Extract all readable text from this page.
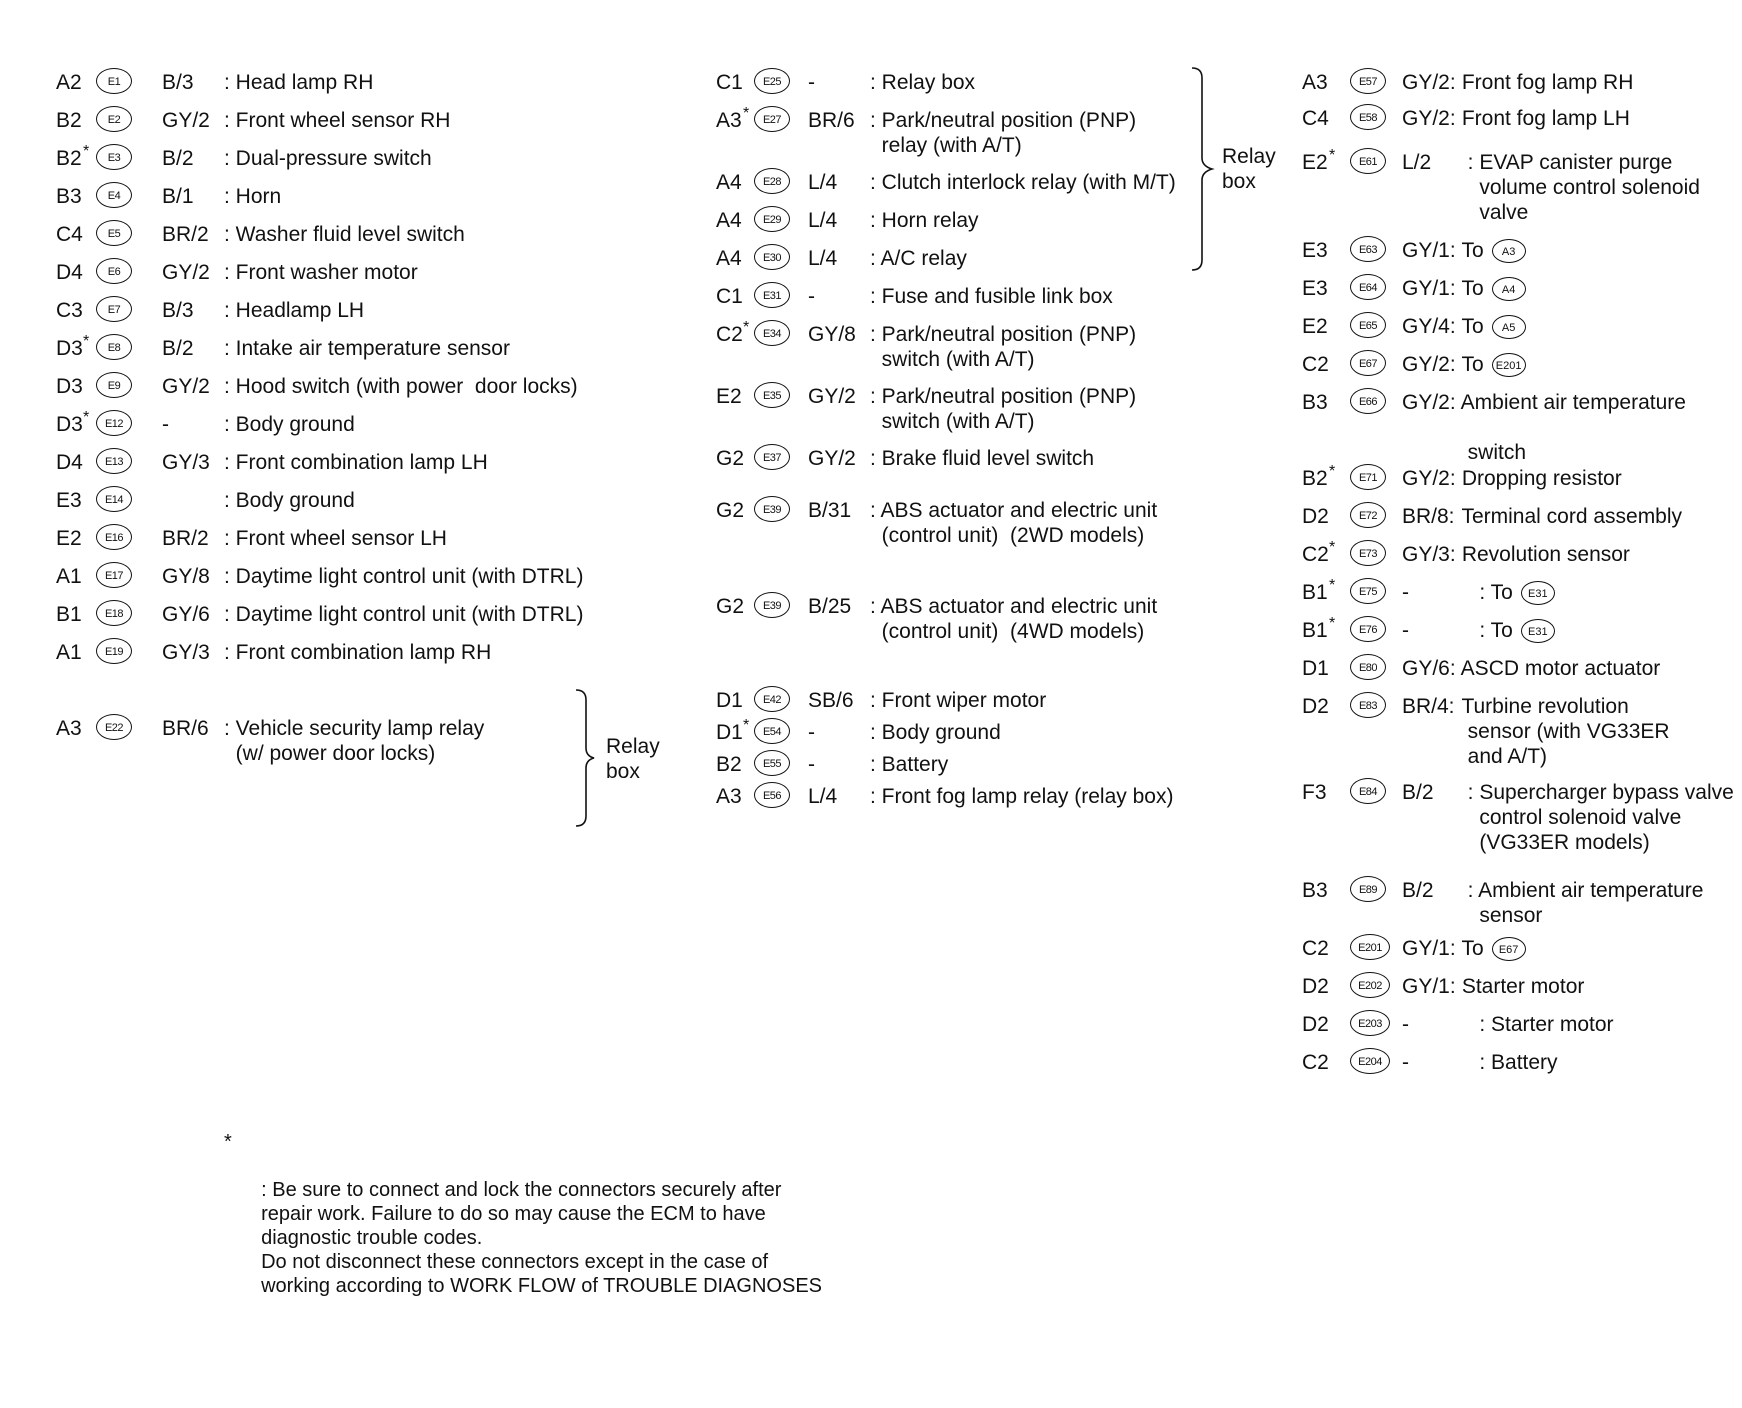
A2	E1	B/3 : Head lamp RH
B2	E2	GY/2 : Front wheel sensor RH
B2 *	E3	B/2 : Dual-pressure switch
B3	E4	B/1 : Horn
C4	E5	BR/2 : Washer fluid level switch
D4	E6	GY/2 : Front washer motor
C3	E7	B/3 : Headlamp LH
D3 *	E8	B/2 : Intake air temperature sensor
D3	E9	GY/2 : Hood switch (with power  door locks)
D3 *	E12	-	: Body ground
D4	E13	GY/3 : Front combination lamp LH
E3	E14	: Body ground
E2	E16	BR/2 : Front wheel sensor LH
A1	E17	GY/8 : Daytime light control unit (with DTRL)
B1	E18	GY/6 : Daytime light control unit (with DTRL)
A1	E19	GY/3 : Front combination lamp RH
A3	E22	BR/6 : Vehicle security lamp relay
(w/ power door locks)
C1	E25	-	: Relay box
A3 *	E27	BR/6 : Park/neutral position (PNP)
relay (with A/T)
A4	E28	L/4 : Clutch interlock relay (with M/T)
A4	E29	L/4 : Horn relay
A4	E30	L/4 : A/C relay
C1	E31	-	: Fuse and fusible link box
C2 *	E34	GY/8 : Park/neutral position (PNP)
switch (with A/T)
E2	E35	GY/2 : Park/neutral position (PNP)
switch (with A/T)
G2	E37	GY/2 : Brake fluid level switch
G2	E39	B/31 : ABS actuator and electric unit
(control unit)  (2WD models)
G2	E39	B/25 : ABS actuator and electric unit
(control unit)  (4WD models)
D1	E42	SB/6 : Front wiper motor
D1 *	E54	-	: Body ground
B2	E55	-	: Battery
A3	E56	L/4 : Front fog lamp relay (relay box)
A3	E57	GY/2: Front fog lamp RH
C4	E58	GY/2: Front fog lamp LH
E2 *	E61	L/2	: EVAP canister purge
volume control solenoid
valve
E3	E63	GY/1: To A3
E3	E64	GY/1: To A4
E2	E65	GY/4: To A5
C2	E67	GY/2: To E201
B3	E66	GY/2: Ambient air temperature

switch
B2 *	E71	GY/2: Dropping resistor
D2	E72	BR/8: Terminal cord assembly
C2 *	E73	GY/3: Revolution sensor
B1 *	E75	- : To E31
B1 *	E76	- : To E31
D1	E80	GY/6: ASCD motor actuator
D2	E83	BR/4: Turbine revolution
sensor (with VG33ER
and A/T)
F3	E84	B/2	: Supercharger bypass valve
control solenoid valve
(VG33ER models)
B3	E89	B/2	: Ambient air temperature
sensor
C2	E201 GY/1: To E67
D2	E202 GY/1: Starter motor
D2	E203 - : Starter motor
C2	E204 - : Battery
Relay
box
Relay
box

*

: Be sure to connect and lock the connectors securely after
repair work. Failure to do so may cause the ECM to have
diagnostic trouble codes.
Do not disconnect these connectors except in the case of
working according to WORK FLOW of TROUBLE DIAGNOSES
